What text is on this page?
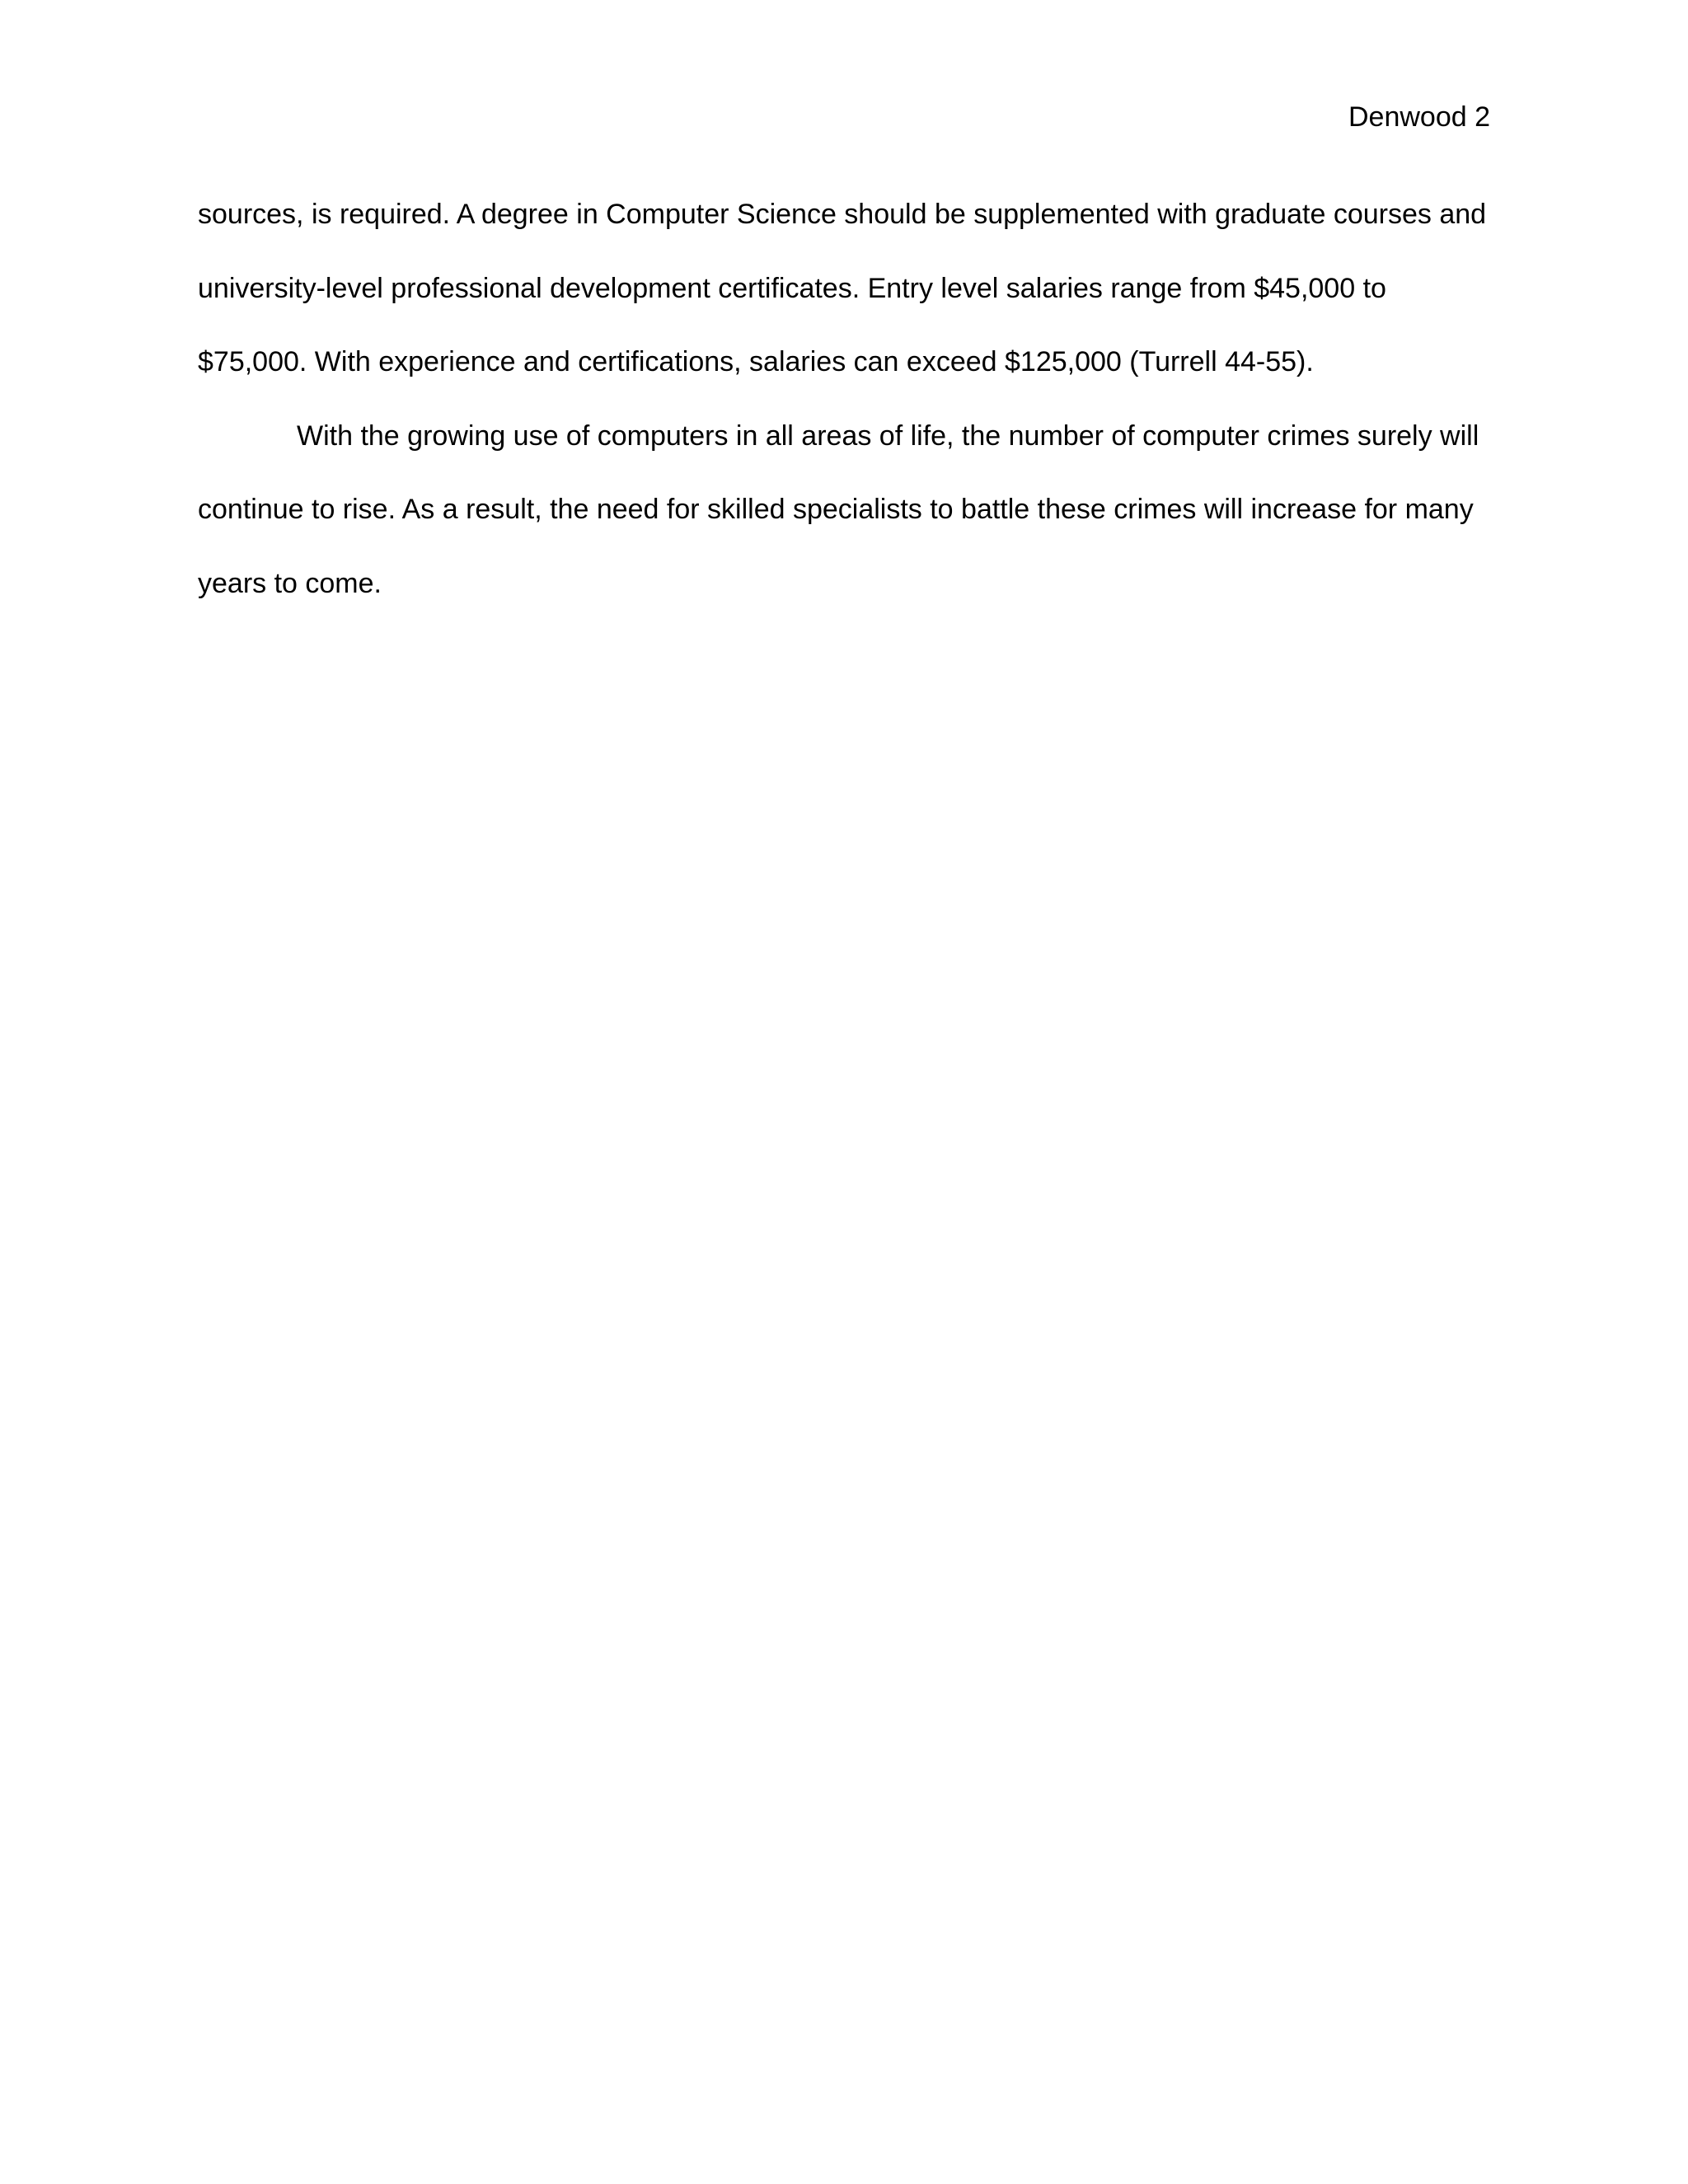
Denwood 2
sources, is required. A degree in Computer Science should be supplemented with graduate courses and
university-level professional development certificates. Entry level salaries range from $45,000 to
$75,000. With experience and certifications, salaries can exceed $125,000 (Turrell 44-55).
With the growing use of computers in all areas of life, the number of computer crimes surely will
continue to rise. As a result, the need for skilled specialists to battle these crimes will increase for many
years to come.
